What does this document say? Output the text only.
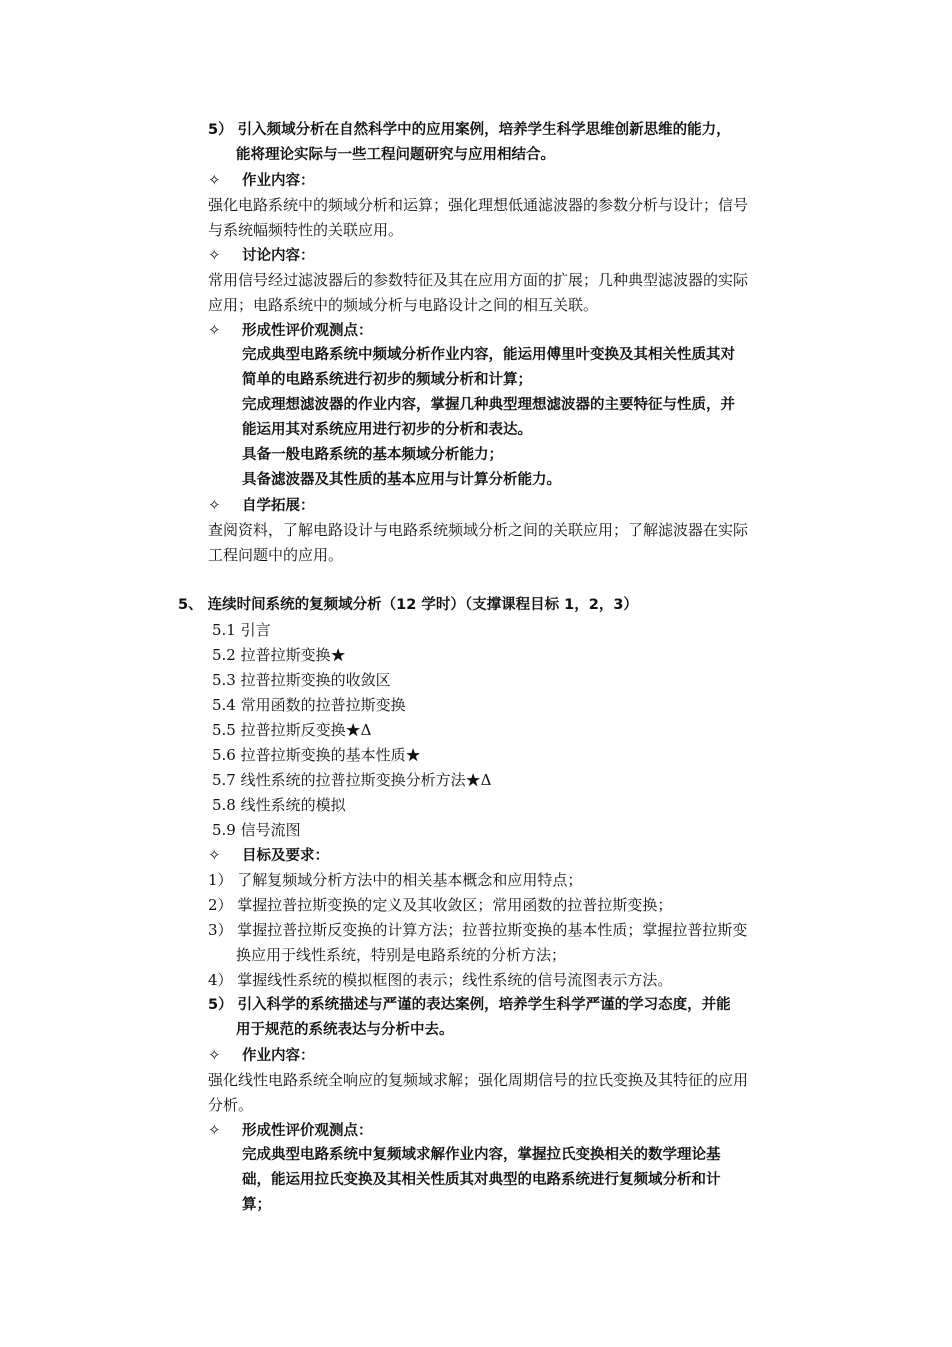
5） 引入频域分析在自然科学中的应用案例，培养学生科学思维创新思维的能力，
能将理论实际与一些工程问题研究与应用相结合。
✧ 作业内容：
强化电路系统中的频域分析和运算；强化理想低通滤波器的参数分析与设计；信号
与系统幅频特性的关联应用。
✧ 讨论内容：
常用信号经过滤波器后的参数特征及其在应用方面的扩展；几种典型滤波器的实际
应用；电路系统中的频域分析与电路设计之间的相互关联。
✧ 形成性评价观测点：
完成典型电路系统中频域分析作业内容，能运用傅里叶变换及其相关性质其对
简单的电路系统进行初步的频域分析和计算；
完成理想滤波器的作业内容，掌握几种典型理想滤波器的主要特征与性质，并
能运用其对系统应用进行初步的分析和表达。
具备一般电路系统的基本频域分析能力；
具备滤波器及其性质的基本应用与计算分析能力。
✧ 自学拓展：
查阅资料，了解电路设计与电路系统频域分析之间的关联应用；了解滤波器在实际
工程问题中的应用。
5、 连续时间系统的复频域分析（12 学时）（支撑课程目标 1，2，3）
5.1 引言
5.2 拉普拉斯变换★
5.3 拉普拉斯变换的收敛区
5.4 常用函数的拉普拉斯变换
5.5 拉普拉斯反变换★Δ
5.6 拉普拉斯变换的基本性质★
5.7 线性系统的拉普拉斯变换分析方法★Δ
5.8 线性系统的模拟
5.9 信号流图
✧ 目标及要求：
1） 了解复频域分析方法中的相关基本概念和应用特点；
2） 掌握拉普拉斯变换的定义及其收敛区；常用函数的拉普拉斯变换；
3） 掌握拉普拉斯反变换的计算方法；拉普拉斯变换的基本性质；掌握拉普拉斯变
换应用于线性系统，特别是电路系统的分析方法；
4） 掌握线性系统的模拟框图的表示；线性系统的信号流图表示方法。
5） 引入科学的系统描述与严谨的表达案例，培养学生科学严谨的学习态度，并能
用于规范的系统表达与分析中去。
✧ 作业内容：
强化线性电路系统全响应的复频域求解；强化周期信号的拉氏变换及其特征的应用
分析。
✧ 形成性评价观测点：
完成典型电路系统中复频域求解作业内容，掌握拉氏变换相关的数学理论基
础，能运用拉氏变换及其相关性质其对典型的电路系统进行复频域分析和计
算；
